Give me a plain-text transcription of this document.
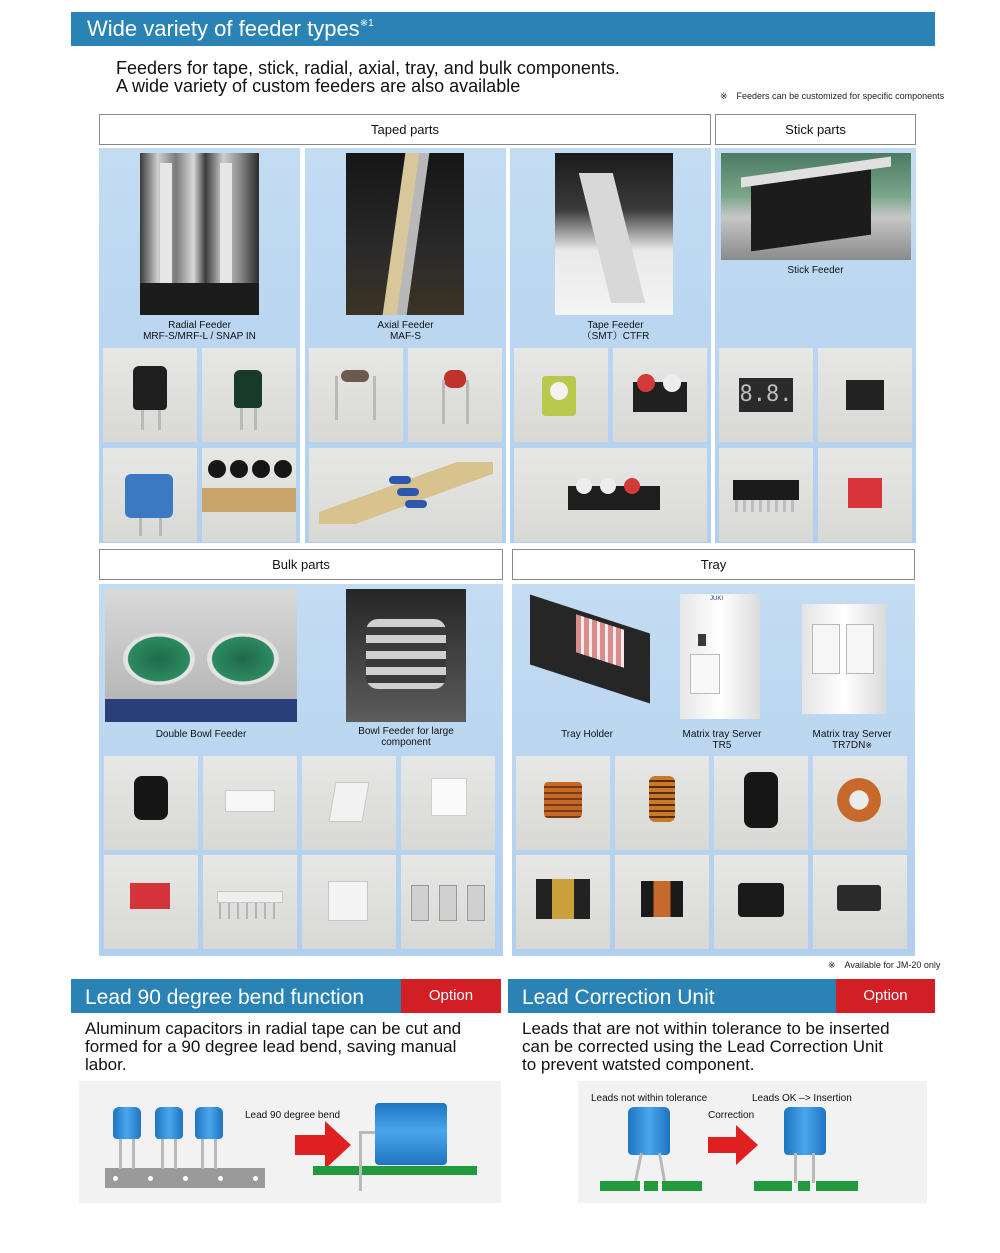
Wide variety of feeder types$^{※1}$
Feeders for tape, stick, radial, axial, tray, and bulk components.
A wide variety of custom feeders are also available	※　Feeders can be customized for specific components
Taped parts	Stick parts
Radial Feeder
MRF-S/MRF-L / SNAP IN
Axial Feeder
MAF-S
Tape Feeder
（SMT）CTFR
Stick Feeder
8.8.
Bulk parts	Tray
Double Bowl Feeder	Bowl Feeder for large
component
Tray Holder
JUKI
Matrix tray Server
TR5
Matrix tray Server
TR7DN※
※　Available for JM-20 only
Lead 90 degree bend function	Option
Aluminum capacitors in radial tape can be cut and
formed for a 90 degree lead bend, saving manual
labor.
Lead 90 degree bend
Lead Correction Unit	Option
Leads that are not within tolerance to be inserted
can be corrected using the Lead Correction Unit
to prevent watsted component.
Leads not within tolerance	Leads OK –> Insertion
Correction
